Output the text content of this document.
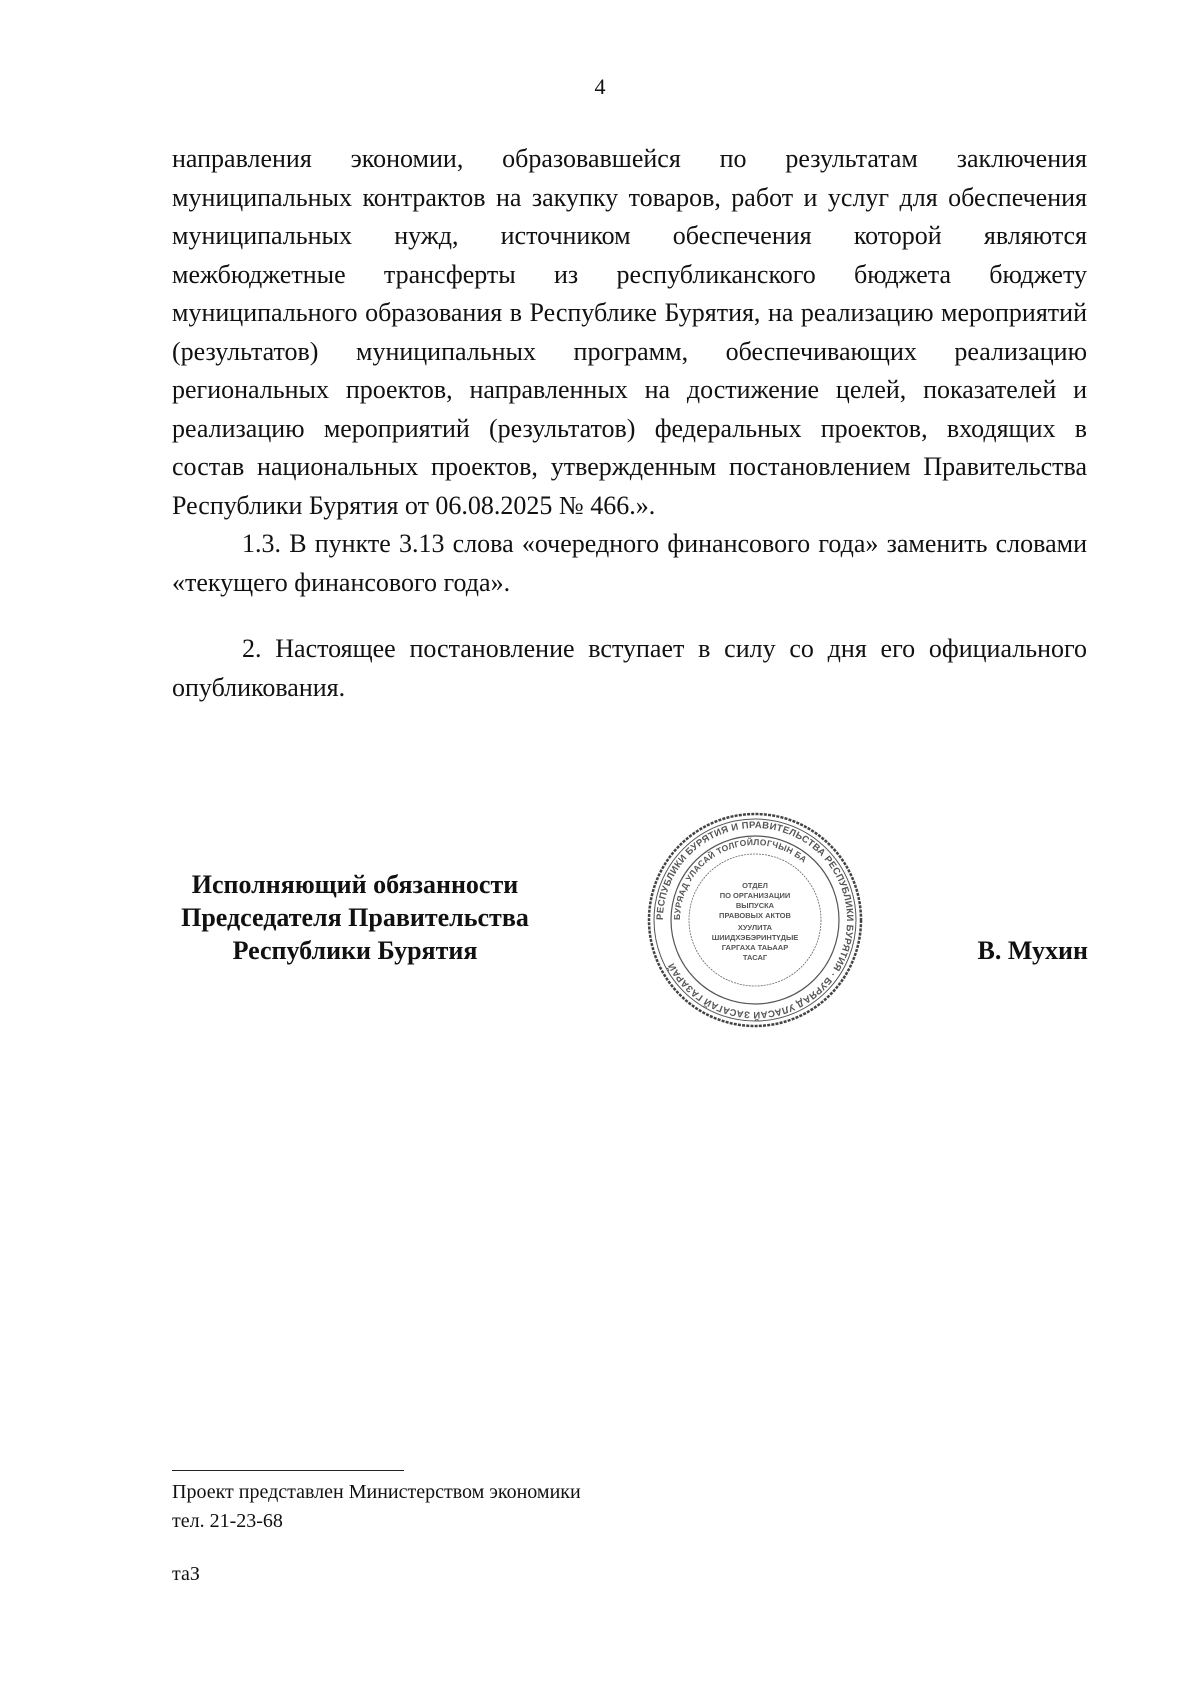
4

направления экономии, образовавшейся по результатам заключения муниципальных контрактов на закупку товаров, работ и услуг для обеспечения муниципальных нужд, источником обеспечения которой являются межбюджетные трансферты из республиканского бюджета бюджету муниципального образования в Республике Бурятия, на реализацию мероприятий (результатов) муниципальных программ, обеспечивающих реализацию региональных проектов, направленных на достижение целей, показателей и реализацию мероприятий (результатов) федеральных проектов, входящих в состав национальных проектов, утвержденным постановлением Правительства Республики Бурятия от 06.08.2025 № 466.».

1.3. В пункте 3.13 слова «очередного финансового года» заменить словами «текущего финансового года».

2. Настоящее постановление вступает в силу со дня его официального опубликования.

Исполняющий обязанности
Председателя Правительства
Республики Бурятия
РЕСПУБЛИКИ БУРЯТИЯ И ПРАВИТЕЛЬСТВА РЕСПУБЛИКИ БУРЯТИЯ · БУРЯАД УЛАСАЙ ЗАСАГАЙ ГАЗАРАЙ
БУРЯАД УЛАСАЙ ТОЛГОЙЛОГЧЫН БА
ОТДЕЛ
ПО ОРГАНИЗАЦИИ
ВЫПУСКА
ПРАВОВЫХ АКТОВ
ХУУЛИТА
ШИИДХЭБЭРИНТҮДЫЕ
ГАРГАХА ТАЬААР
ТАСАГ	В. Мухин
Проект представлен Министерством экономики
тел. 21-23-68
таЗ
